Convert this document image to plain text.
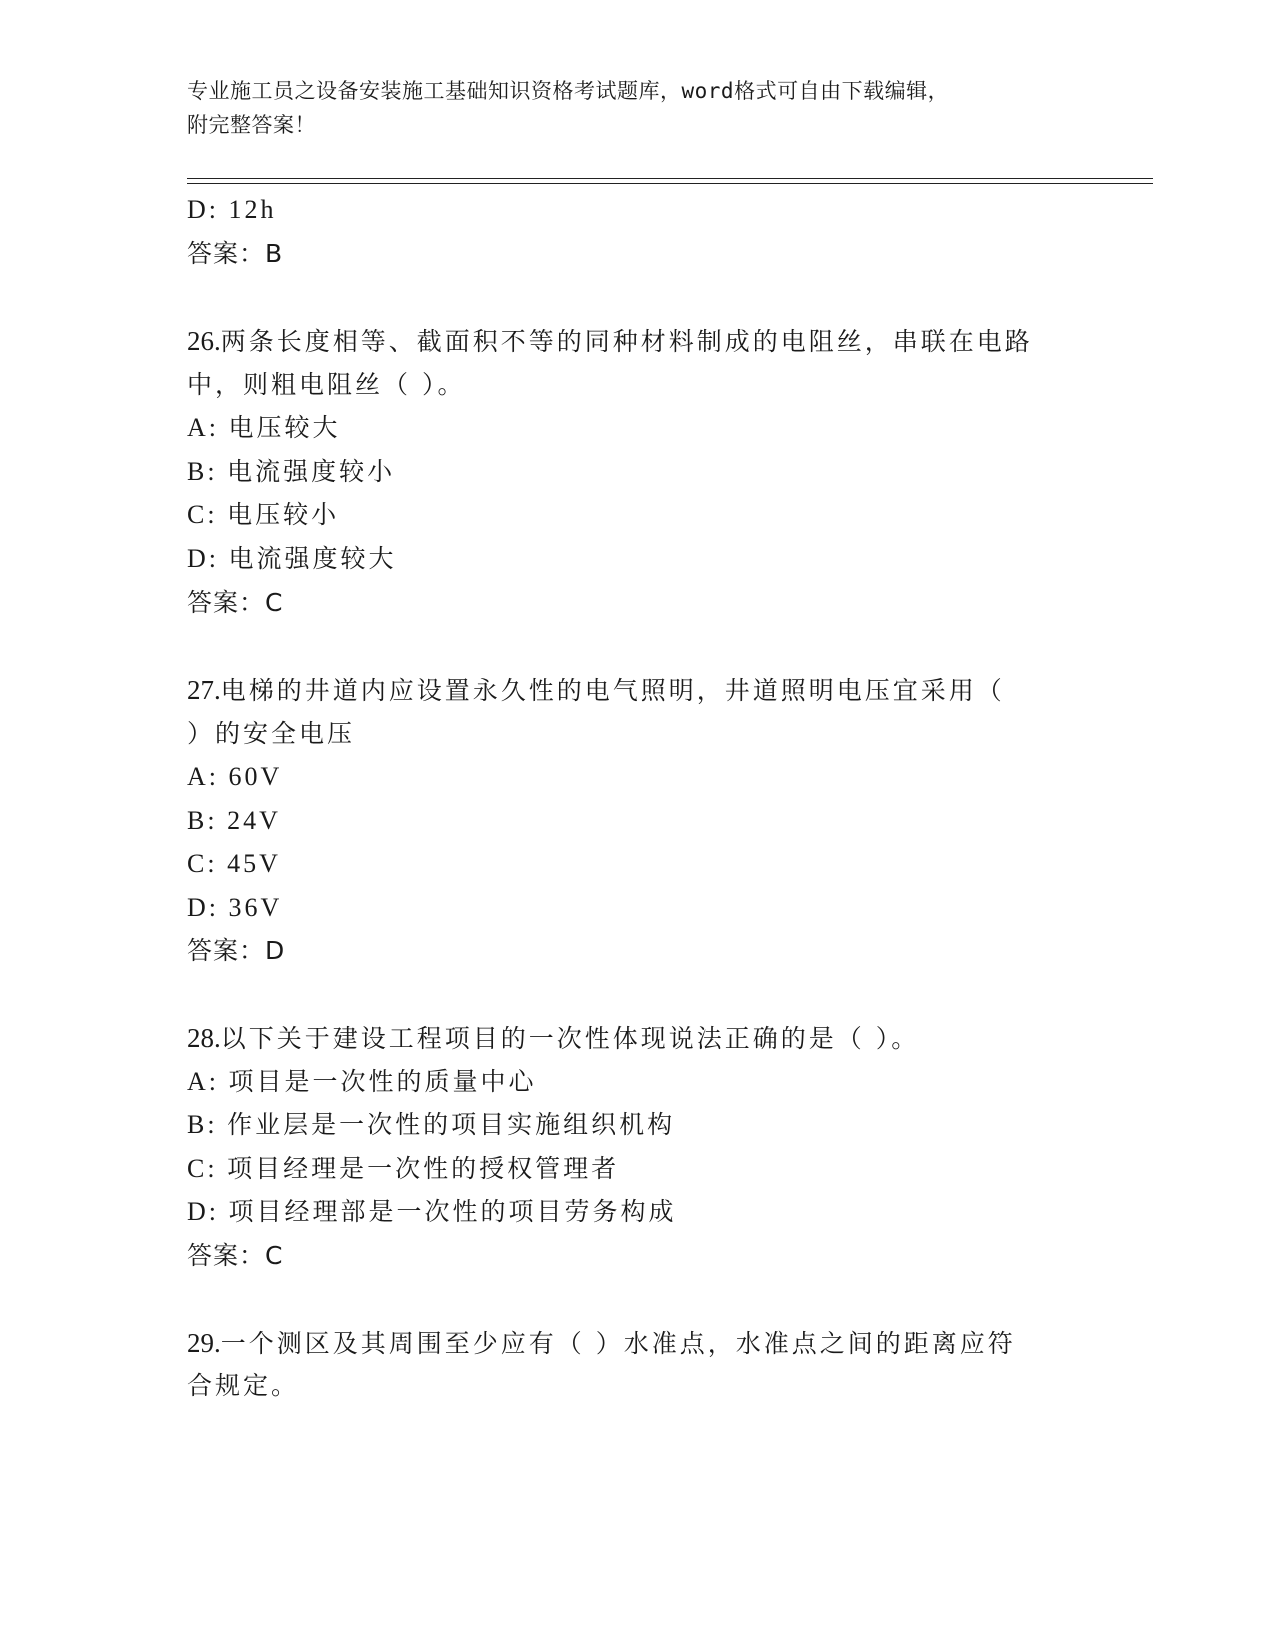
专业施工员之设备安装施工基础知识资格考试题库，word格式可自由下载编辑，
附完整答案！
D: 12h
答案：B
26.两条长度相等、截面积不等的同种材料制成的电阻丝，串联在电路
中，则粗电阻丝（ ）。
A: 电压较大
B: 电流强度较小
C: 电压较小
D: 电流强度较大
答案：C
27.电梯的井道内应设置永久性的电气照明，井道照明电压宜采用（
）的安全电压
A: 60V
B: 24V
C: 45V
D: 36V
答案：D
28.以下关于建设工程项目的一次性体现说法正确的是（ ）。
A: 项目是一次性的质量中心
B: 作业层是一次性的项目实施组织机构
C: 项目经理是一次性的授权管理者
D: 项目经理部是一次性的项目劳务构成
答案：C
29.一个测区及其周围至少应有（ ）水准点，水准点之间的距离应符
合规定。
